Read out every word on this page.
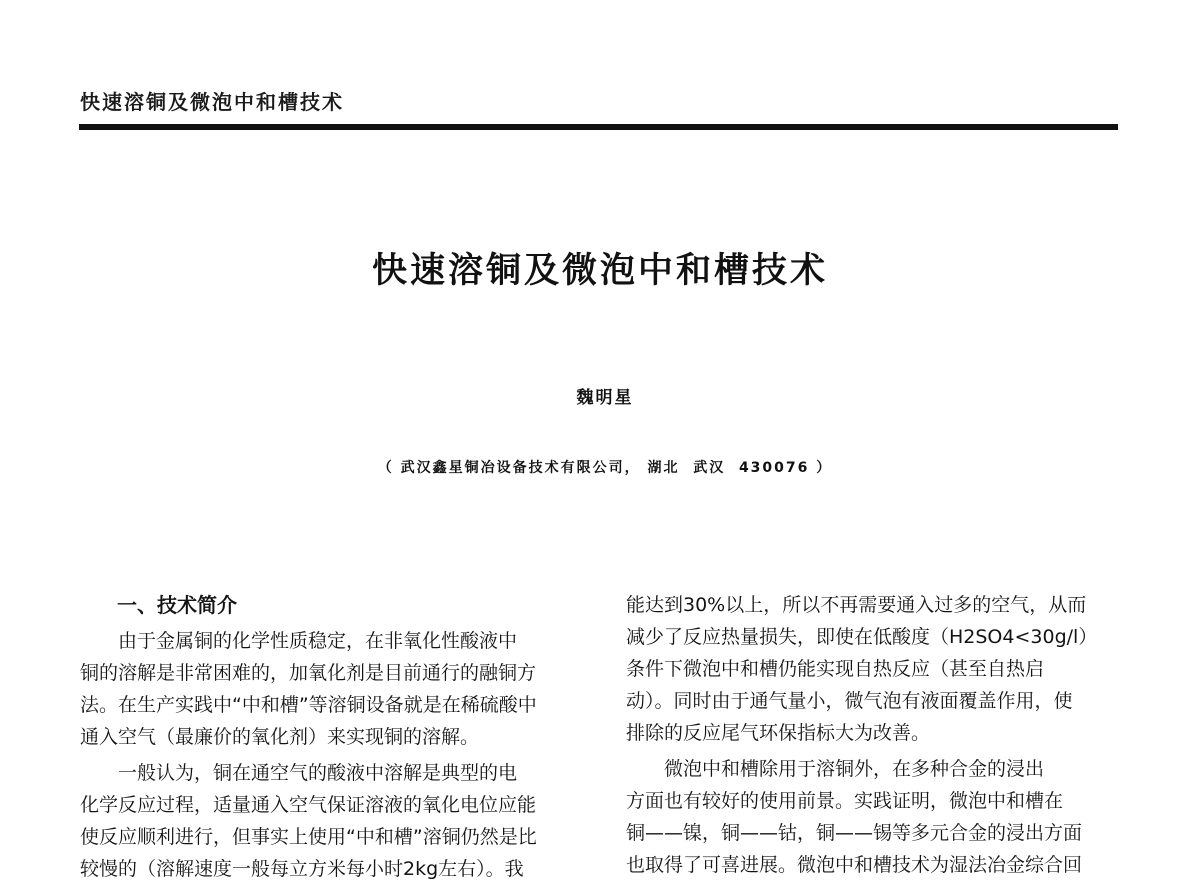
快速溶铜及微泡中和槽技术
快速溶铜及微泡中和槽技术
魏明星
（ 武汉鑫星铜冶设备技术有限公司， 湖北  武汉  430076 ）
一、技术简介
由于金属铜的化学性质稳定，在非氧化性酸液中
铜的溶解是非常困难的，加氧化剂是目前通行的融铜方
法。在生产实践中“中和槽”等溶铜设备就是在稀硫酸中
通入空气（最廉价的氧化剂）来实现铜的溶解。
一般认为，铜在通空气的酸液中溶解是典型的电
化学反应过程，适量通入空气保证溶液的氧化电位应能
使反应顺利进行，但事实上使用“中和槽”溶铜仍然是比
较慢的（溶解速度一般每立方米每小时2kg左右）。我
能达到30%以上，所以不再需要通入过多的空气，从而
减少了反应热量损失，即使在低酸度（H2SO4<30g/l）
条件下微泡中和槽仍能实现自热反应（甚至自热启
动）。同时由于通气量小，微气泡有液面覆盖作用，使
排除的反应尾气环保指标大为改善。
微泡中和槽除用于溶铜外，在多种合金的浸出
方面也有较好的使用前景。实践证明，微泡中和槽在
铜——镍，铜——钴，铜——锡等多元合金的浸出方面
也取得了可喜进展。微泡中和槽技术为湿法冶金综合回
